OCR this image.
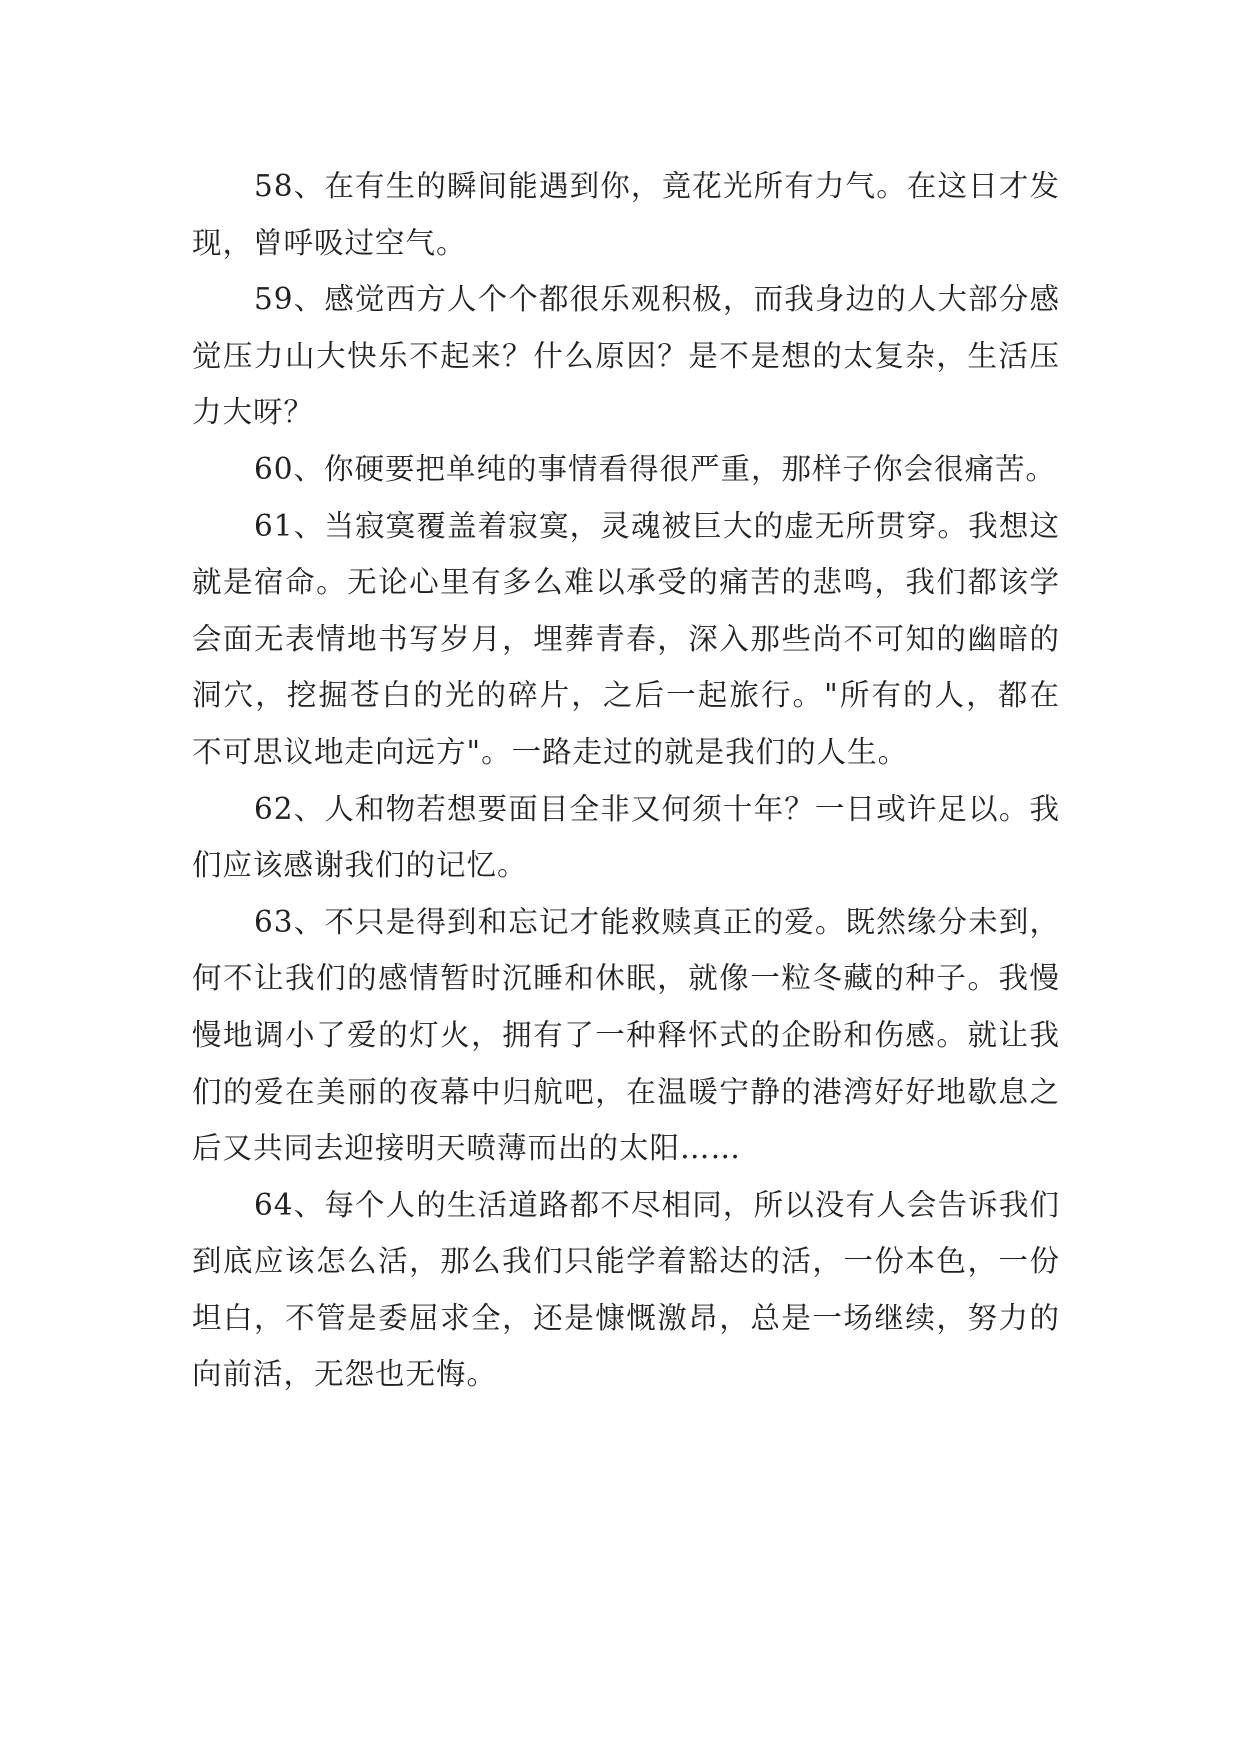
58、在有生的瞬间能遇到你，竟花光所有力气。在这日才发现，曾呼吸过空气。

59、感觉西方人个个都很乐观积极，而我身边的人大部分感觉压力山大快乐不起来？什么原因？是不是想的太复杂，生活压力大呀？

60、你硬要把单纯的事情看得很严重，那样子你会很痛苦。

61、当寂寞覆盖着寂寞，灵魂被巨大的虚无所贯穿。我想这就是宿命。无论心里有多么难以承受的痛苦的悲鸣，我们都该学会面无表情地书写岁月，埋葬青春，深入那些尚不可知的幽暗的洞穴，挖掘苍白的光的碎片，之后一起旅行。"所有的人，都在不可思议地走向远方"。一路走过的就是我们的人生。

62、人和物若想要面目全非又何须十年？一日或许足以。我们应该感谢我们的记忆。

63、不只是得到和忘记才能救赎真正的爱。既然缘分未到，何不让我们的感情暂时沉睡和休眠，就像一粒冬藏的种子。我慢慢地调小了爱的灯火，拥有了一种释怀式的企盼和伤感。就让我们的爱在美丽的夜幕中归航吧，在温暖宁静的港湾好好地歇息之后又共同去迎接明天喷薄而出的太阳……

64、每个人的生活道路都不尽相同，所以没有人会告诉我们到底应该怎么活，那么我们只能学着豁达的活，一份本色，一份坦白，不管是委屈求全，还是慷慨激昂，总是一场继续，努力的向前活，无怨也无悔。
